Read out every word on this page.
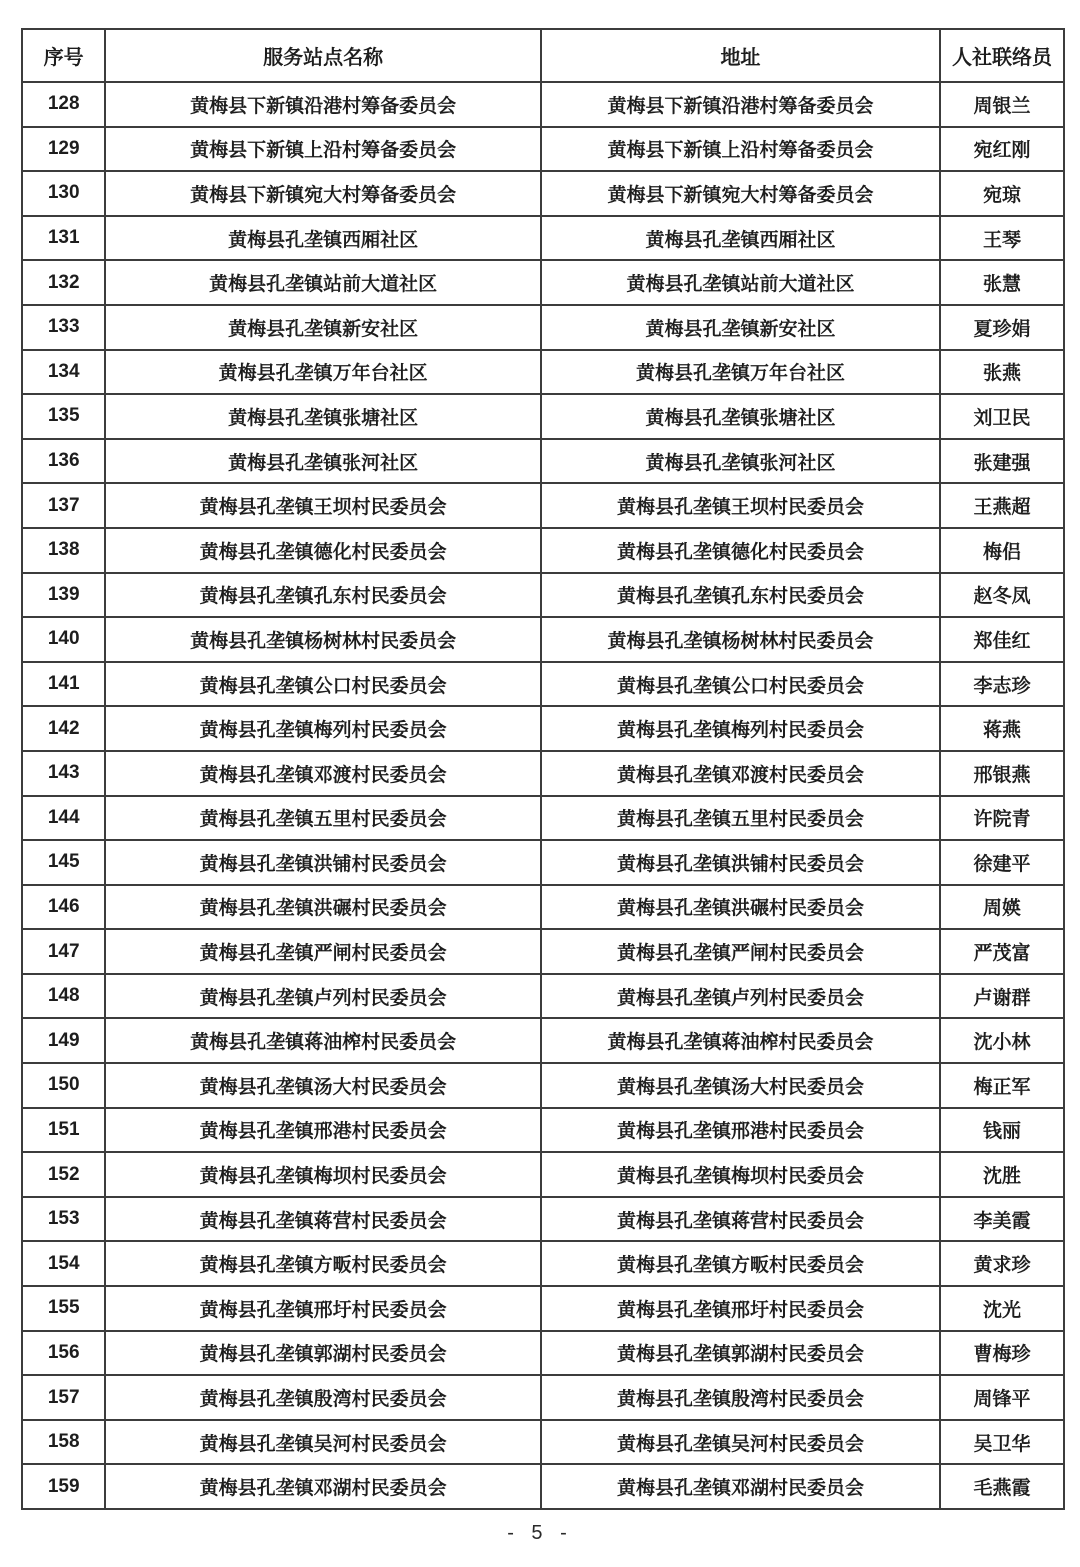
序号	服务站点名称	地址	人社联络员
128	黄梅县下新镇沿港村筹备委员会	黄梅县下新镇沿港村筹备委员会	周银兰
129	黄梅县下新镇上沿村筹备委员会	黄梅县下新镇上沿村筹备委员会	宛红刚
130	黄梅县下新镇宛大村筹备委员会	黄梅县下新镇宛大村筹备委员会	宛琼
131	黄梅县孔垄镇西厢社区	黄梅县孔垄镇西厢社区	王琴
132	黄梅县孔垄镇站前大道社区	黄梅县孔垄镇站前大道社区	张慧
133	黄梅县孔垄镇新安社区	黄梅县孔垄镇新安社区	夏珍娟
134	黄梅县孔垄镇万年台社区	黄梅县孔垄镇万年台社区	张燕
135	黄梅县孔垄镇张塘社区	黄梅县孔垄镇张塘社区	刘卫民
136	黄梅县孔垄镇张河社区	黄梅县孔垄镇张河社区	张建强
137	黄梅县孔垄镇王坝村民委员会	黄梅县孔垄镇王坝村民委员会	王燕超
138	黄梅县孔垄镇德化村民委员会	黄梅县孔垄镇德化村民委员会	梅侣
139	黄梅县孔垄镇孔东村民委员会	黄梅县孔垄镇孔东村民委员会	赵冬凤
140	黄梅县孔垄镇杨树林村民委员会	黄梅县孔垄镇杨树林村民委员会	郑佳红
141	黄梅县孔垄镇公口村民委员会	黄梅县孔垄镇公口村民委员会	李志珍
142	黄梅县孔垄镇梅列村民委员会	黄梅县孔垄镇梅列村民委员会	蒋燕
143	黄梅县孔垄镇邓渡村民委员会	黄梅县孔垄镇邓渡村民委员会	邢银燕
144	黄梅县孔垄镇五里村民委员会	黄梅县孔垄镇五里村民委员会	许院青
145	黄梅县孔垄镇洪铺村民委员会	黄梅县孔垄镇洪铺村民委员会	徐建平
146	黄梅县孔垄镇洪碾村民委员会	黄梅县孔垄镇洪碾村民委员会	周媖
147	黄梅县孔垄镇严闸村民委员会	黄梅县孔垄镇严闸村民委员会	严茂富
148	黄梅县孔垄镇卢列村民委员会	黄梅县孔垄镇卢列村民委员会	卢谢群
149	黄梅县孔垄镇蒋油榨村民委员会	黄梅县孔垄镇蒋油榨村民委员会	沈小林
150	黄梅县孔垄镇汤大村民委员会	黄梅县孔垄镇汤大村民委员会	梅正军
151	黄梅县孔垄镇邢港村民委员会	黄梅县孔垄镇邢港村民委员会	钱丽
152	黄梅县孔垄镇梅坝村民委员会	黄梅县孔垄镇梅坝村民委员会	沈胜
153	黄梅县孔垄镇蒋营村民委员会	黄梅县孔垄镇蒋营村民委员会	李美霞
154	黄梅县孔垄镇方畈村民委员会	黄梅县孔垄镇方畈村民委员会	黄求珍
155	黄梅县孔垄镇邢圩村民委员会	黄梅县孔垄镇邢圩村民委员会	沈光
156	黄梅县孔垄镇郭湖村民委员会	黄梅县孔垄镇郭湖村民委员会	曹梅珍
157	黄梅县孔垄镇殷湾村民委员会	黄梅县孔垄镇殷湾村民委员会	周锋平
158	黄梅县孔垄镇吴河村民委员会	黄梅县孔垄镇吴河村民委员会	吴卫华
159	黄梅县孔垄镇邓湖村民委员会	黄梅县孔垄镇邓湖村民委员会	毛燕霞
- 5 -
